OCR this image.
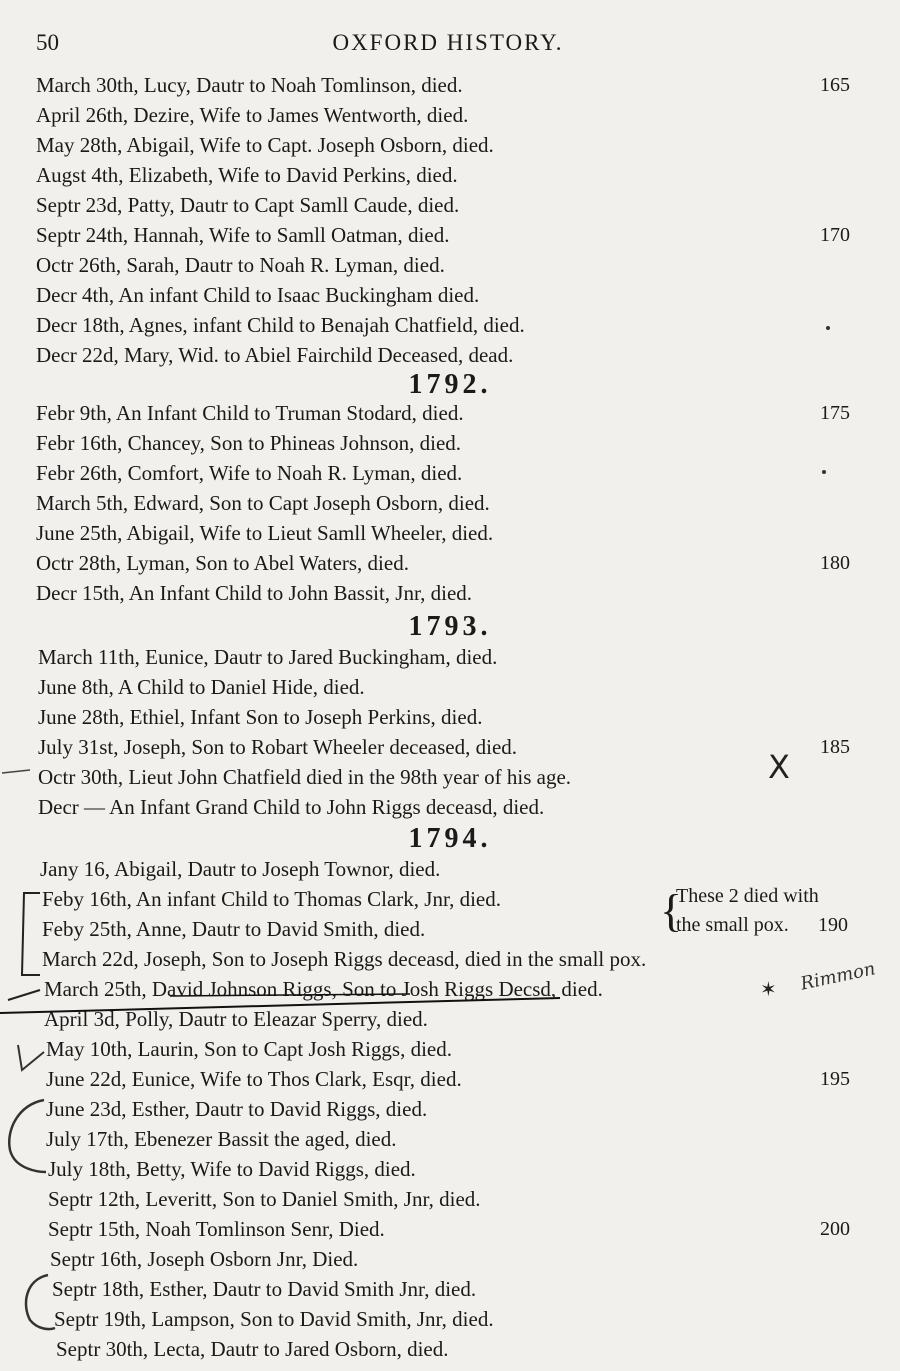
50	OXFORD HISTORY.
March 30th, Lucy, Dautr to Noah Tomlinson, died.	165
April 26th, Dezire, Wife to James Wentworth, died.
May 28th, Abigail, Wife to Capt. Joseph Osborn, died.
Augst 4th, Elizabeth, Wife to David Perkins, died.
Septr 23d, Patty, Dautr to Capt Samll Caude, died.
Septr 24th, Hannah, Wife to Samll Oatman, died.	170
Octr 26th, Sarah, Dautr to Noah R. Lyman, died.
Decr 4th, An infant Child to Isaac Buckingham died.
Decr 18th, Agnes, infant Child to Benajah Chatfield, died.
Decr 22d, Mary, Wid. to Abiel Fairchild Deceased, dead.
1792.
Febr 9th, An Infant Child to Truman Stodard, died.	175
Febr 16th, Chancey, Son to Phineas Johnson, died.
Febr 26th, Comfort, Wife to Noah R. Lyman, died.
March 5th, Edward, Son to Capt Joseph Osborn, died.
June 25th, Abigail, Wife to Lieut Samll Wheeler, died.
Octr 28th, Lyman, Son to Abel Waters, died.	180
Decr 15th, An Infant Child to John Bassit, Jnr, died.
1793.
March 11th, Eunice, Dautr to Jared Buckingham, died.
June 8th, A Child to Daniel Hide, died.
June 28th, Ethiel, Infant Son to Joseph Perkins, died.
July 31st, Joseph, Son to Robart Wheeler deceased, died.	185
Octr 30th, Lieut John Chatfield died in the 98th year of his age.
Decr — An Infant Grand Child to John Riggs deceasd, died.
1794.
Jany 16, Abigail, Dautr to Joseph Townor, died.
Feby 16th, An infant Child to Thomas Clark, Jnr, died.
Feby 25th, Anne, Dautr to David Smith, died.
March 22d, Joseph, Son to Joseph Riggs deceasd, died in the small pox.
March 25th, David Johnson Riggs, Son to Josh Riggs Decsd, died.
April 3d, Polly, Dautr to Eleazar Sperry, died.
May 10th, Laurin, Son to Capt Josh Riggs, died.
June 22d, Eunice, Wife to Thos Clark, Esqr, died.	195
June 23d, Esther, Dautr to David Riggs, died.
July 17th, Ebenezer Bassit the aged, died.
July 18th, Betty, Wife to David Riggs, died.
Septr 12th, Leveritt, Son to Daniel Smith, Jnr, died.
Septr 15th, Noah Tomlinson Senr, Died.	200
Septr 16th, Joseph Osborn Jnr, Died.
Septr 18th, Esther, Dautr to David Smith Jnr, died.
Septr 19th, Lampson, Son to David Smith, Jnr, died.
Septr 30th, Lecta, Dautr to Jared Osborn, died.
{
These 2 died with
the small pox. 190
Rimmon
X
✶
